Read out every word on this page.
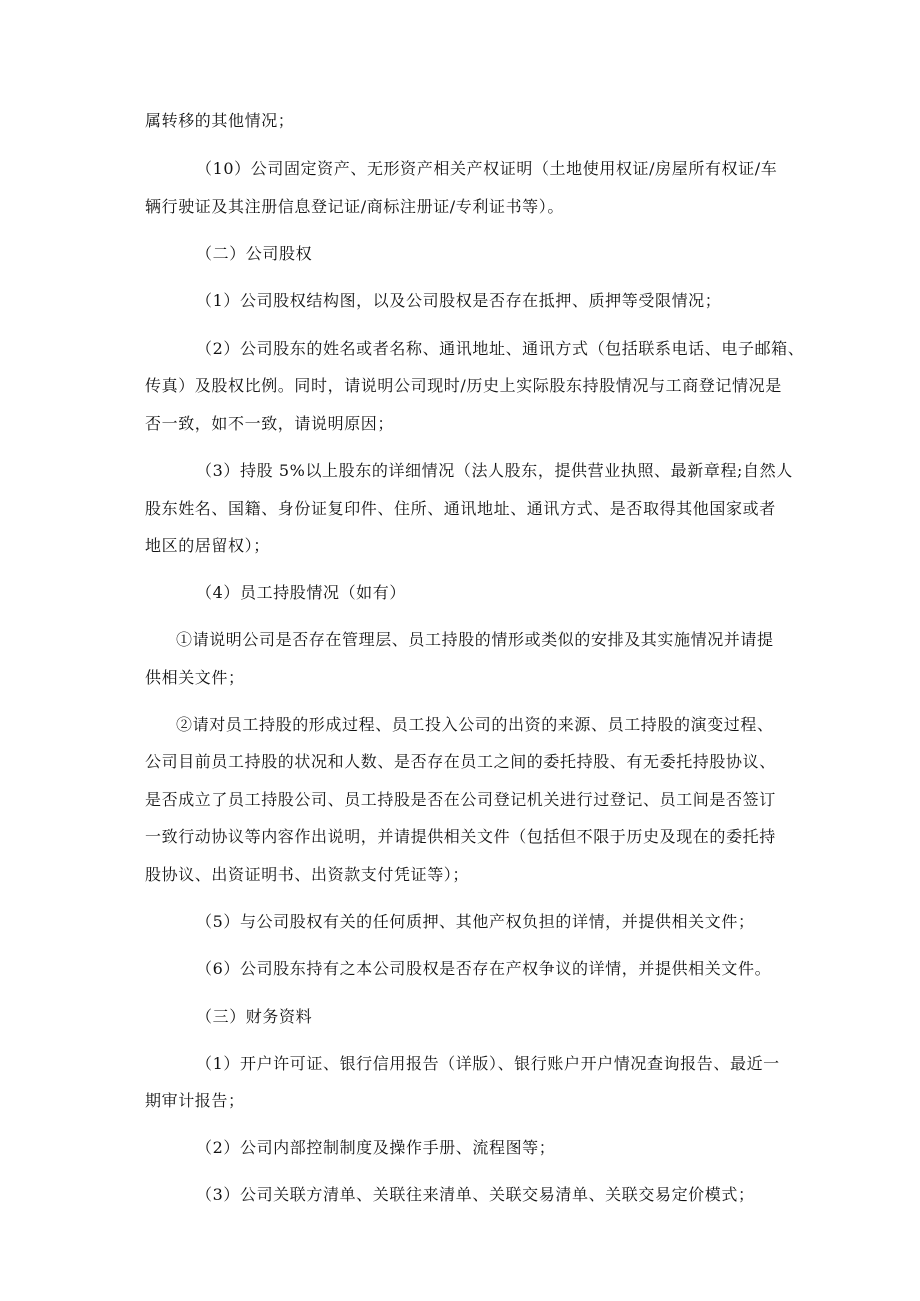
属转移的其他情况；
（10）公司固定资产、无形资产相关产权证明（土地使用权证/房屋所有权证/车
辆行驶证及其注册信息登记证/商标注册证/专利证书等）。
（二）公司股权
（1）公司股权结构图，以及公司股权是否存在抵押、质押等受限情况；
（2）公司股东的姓名或者名称、通讯地址、通讯方式（包括联系电话、电子邮箱、
传真）及股权比例。同时，请说明公司现时/历史上实际股东持股情况与工商登记情况是
否一致，如不一致，请说明原因；
（3）持股 5%以上股东的详细情况（法人股东，提供营业执照、最新章程;自然人
股东姓名、国籍、身份证复印件、住所、通讯地址、通讯方式、是否取得其他国家或者
地区的居留权）；
（4）员工持股情况（如有）
①请说明公司是否存在管理层、员工持股的情形或类似的安排及其实施情况并请提
供相关文件；
②请对员工持股的形成过程、员工投入公司的出资的来源、员工持股的演变过程、
公司目前员工持股的状况和人数、是否存在员工之间的委托持股、有无委托持股协议、
是否成立了员工持股公司、员工持股是否在公司登记机关进行过登记、员工间是否签订
一致行动协议等内容作出说明，并请提供相关文件（包括但不限于历史及现在的委托持
股协议、出资证明书、出资款支付凭证等）；
（5）与公司股权有关的任何质押、其他产权负担的详情，并提供相关文件；
（6）公司股东持有之本公司股权是否存在产权争议的详情，并提供相关文件。
（三）财务资料
（1）开户许可证、银行信用报告（详版）、银行账户开户情况查询报告、最近一
期审计报告；
（2）公司内部控制制度及操作手册、流程图等；
（3）公司关联方清单、关联往来清单、关联交易清单、关联交易定价模式；
